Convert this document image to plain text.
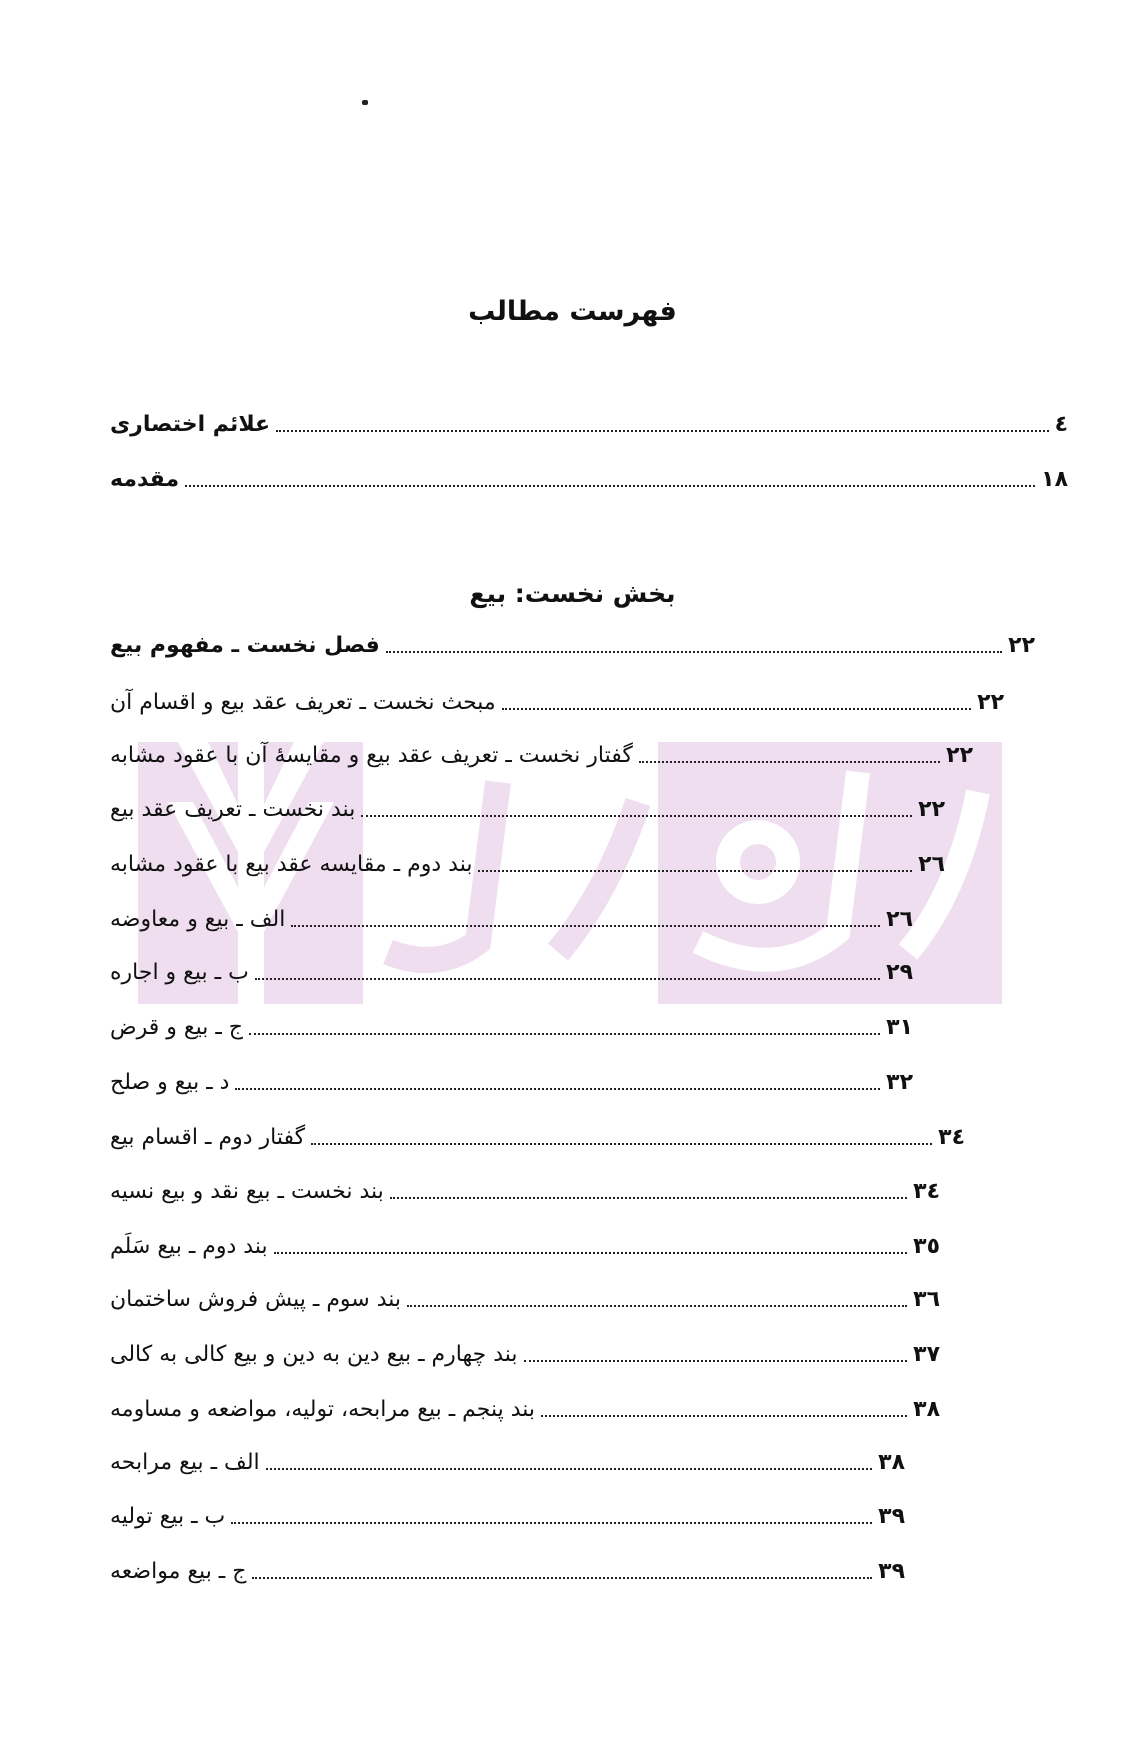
فهرست مطالب
علائم اختصاری	٤
مقدمه	١٨
بخش نخست: بیع
فصل نخست ـ مفهوم بیع	٢٢
مبحث نخست ـ تعریف عقد بیع و اقسام آن	٢٢
گفتار نخست ـ تعریف عقد بیع و مقایسهٔ آن با عقود مشابه	٢٢
بند نخست ـ تعریف عقد بیع	٢٢
بند دوم ـ مقایسه عقد بیع با عقود مشابه	٢٦
الف ـ بیع و معاوضه	٢٦
ب ـ بیع و اجاره	٢٩
ج ـ بیع و قرض	٣١
د ـ بیع و صلح	٣٢
گفتار دوم ـ اقسام بیع	٣٤
بند نخست ـ بیع نقد و بیع نسیه	٣٤
بند دوم ـ بیع سَلَم	٣٥
بند سوم ـ پیش فروش ساختمان	٣٦
بند چهارم ـ بیع دین به دین و بیع کالی به کالی	٣٧
بند پنجم ـ بیع مرابحه، تولیه، مواضعه و مساومه	٣٨
الف ـ بیع مرابحه	٣٨
ب ـ بیع تولیه	٣٩
ج ـ بیع مواضعه	٣٩
